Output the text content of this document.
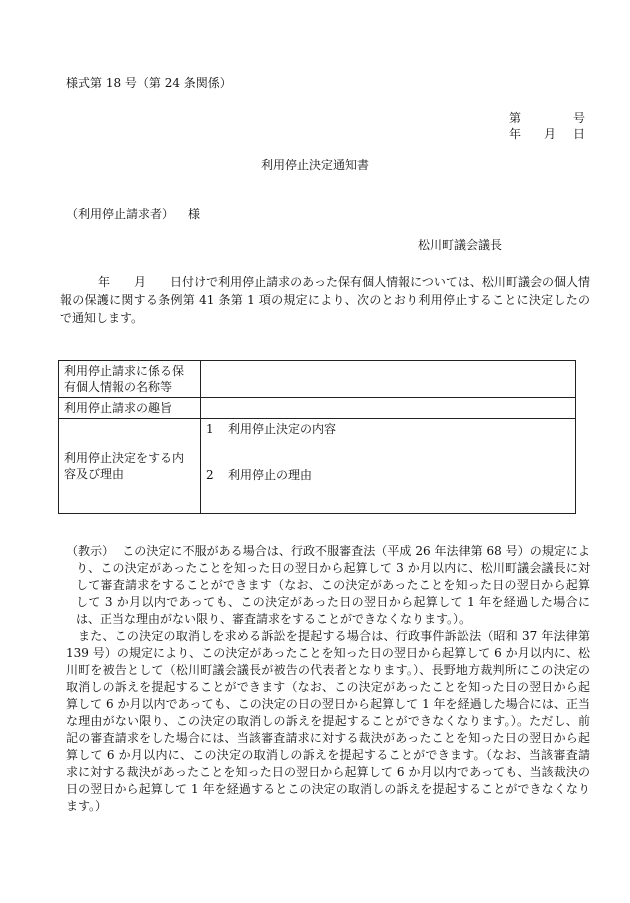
様式第 18 号（第 24 条関係）
第	号
年 月 日
利用停止決定通知書
（利用停止請求者） 様
松川町議会議長
年　　月　　日付けで利用停止請求のあった保有個人情報については、松川町議会の個人情報の保護に関する条例第 41 条第 1 項の規定により、次のとおり利用停止することに決定したので通知します。
利用停止請求に係る保有個人情報の名称等	
利用停止請求の趣旨	
利用停止決定をする内容及び理由	1 利用停止決定の内容
2 利用停止の理由

（教示） この決定に不服がある場合は、行政不服審査法（平成 26 年法律第 68 号）の規定により、この決定があったことを知った日の翌日から起算して 3 か月以内に、松川町議会議長に対して審査請求をすることができます（なお、この決定があったことを知った日の翌日から起算して 3 か月以内であっても、この決定があった日の翌日から起算して 1 年を経過した場合には、正当な理由がない限り、審査請求をすることができなくなります。）。

また、この決定の取消しを求める訴訟を提起する場合は、行政事件訴訟法（昭和 37 年法律第 139 号）の規定により、この決定があったことを知った日の翌日から起算して 6 か月以内に、松川町を被告として（松川町議会議長が被告の代表者となります。）、長野地方裁判所にこの決定の取消しの訴えを提起することができます（なお、この決定があったことを知った日の翌日から起算して 6 か月以内であっても、この決定の日の翌日から起算して 1 年を経過した場合には、正当な理由がない限り、この決定の取消しの訴えを提起することができなくなります。）。ただし、前記の審査請求をした場合には、当該審査請求に対する裁決があったことを知った日の翌日から起算して 6 か月以内に、この決定の取消しの訴えを提起することができます。（なお、当該審査請求に対する裁決があったことを知った日の翌日から起算して 6 か月以内であっても、当該裁決の日の翌日から起算して 1 年を経過するとこの決定の取消しの訴えを提起することができなくなります。）
